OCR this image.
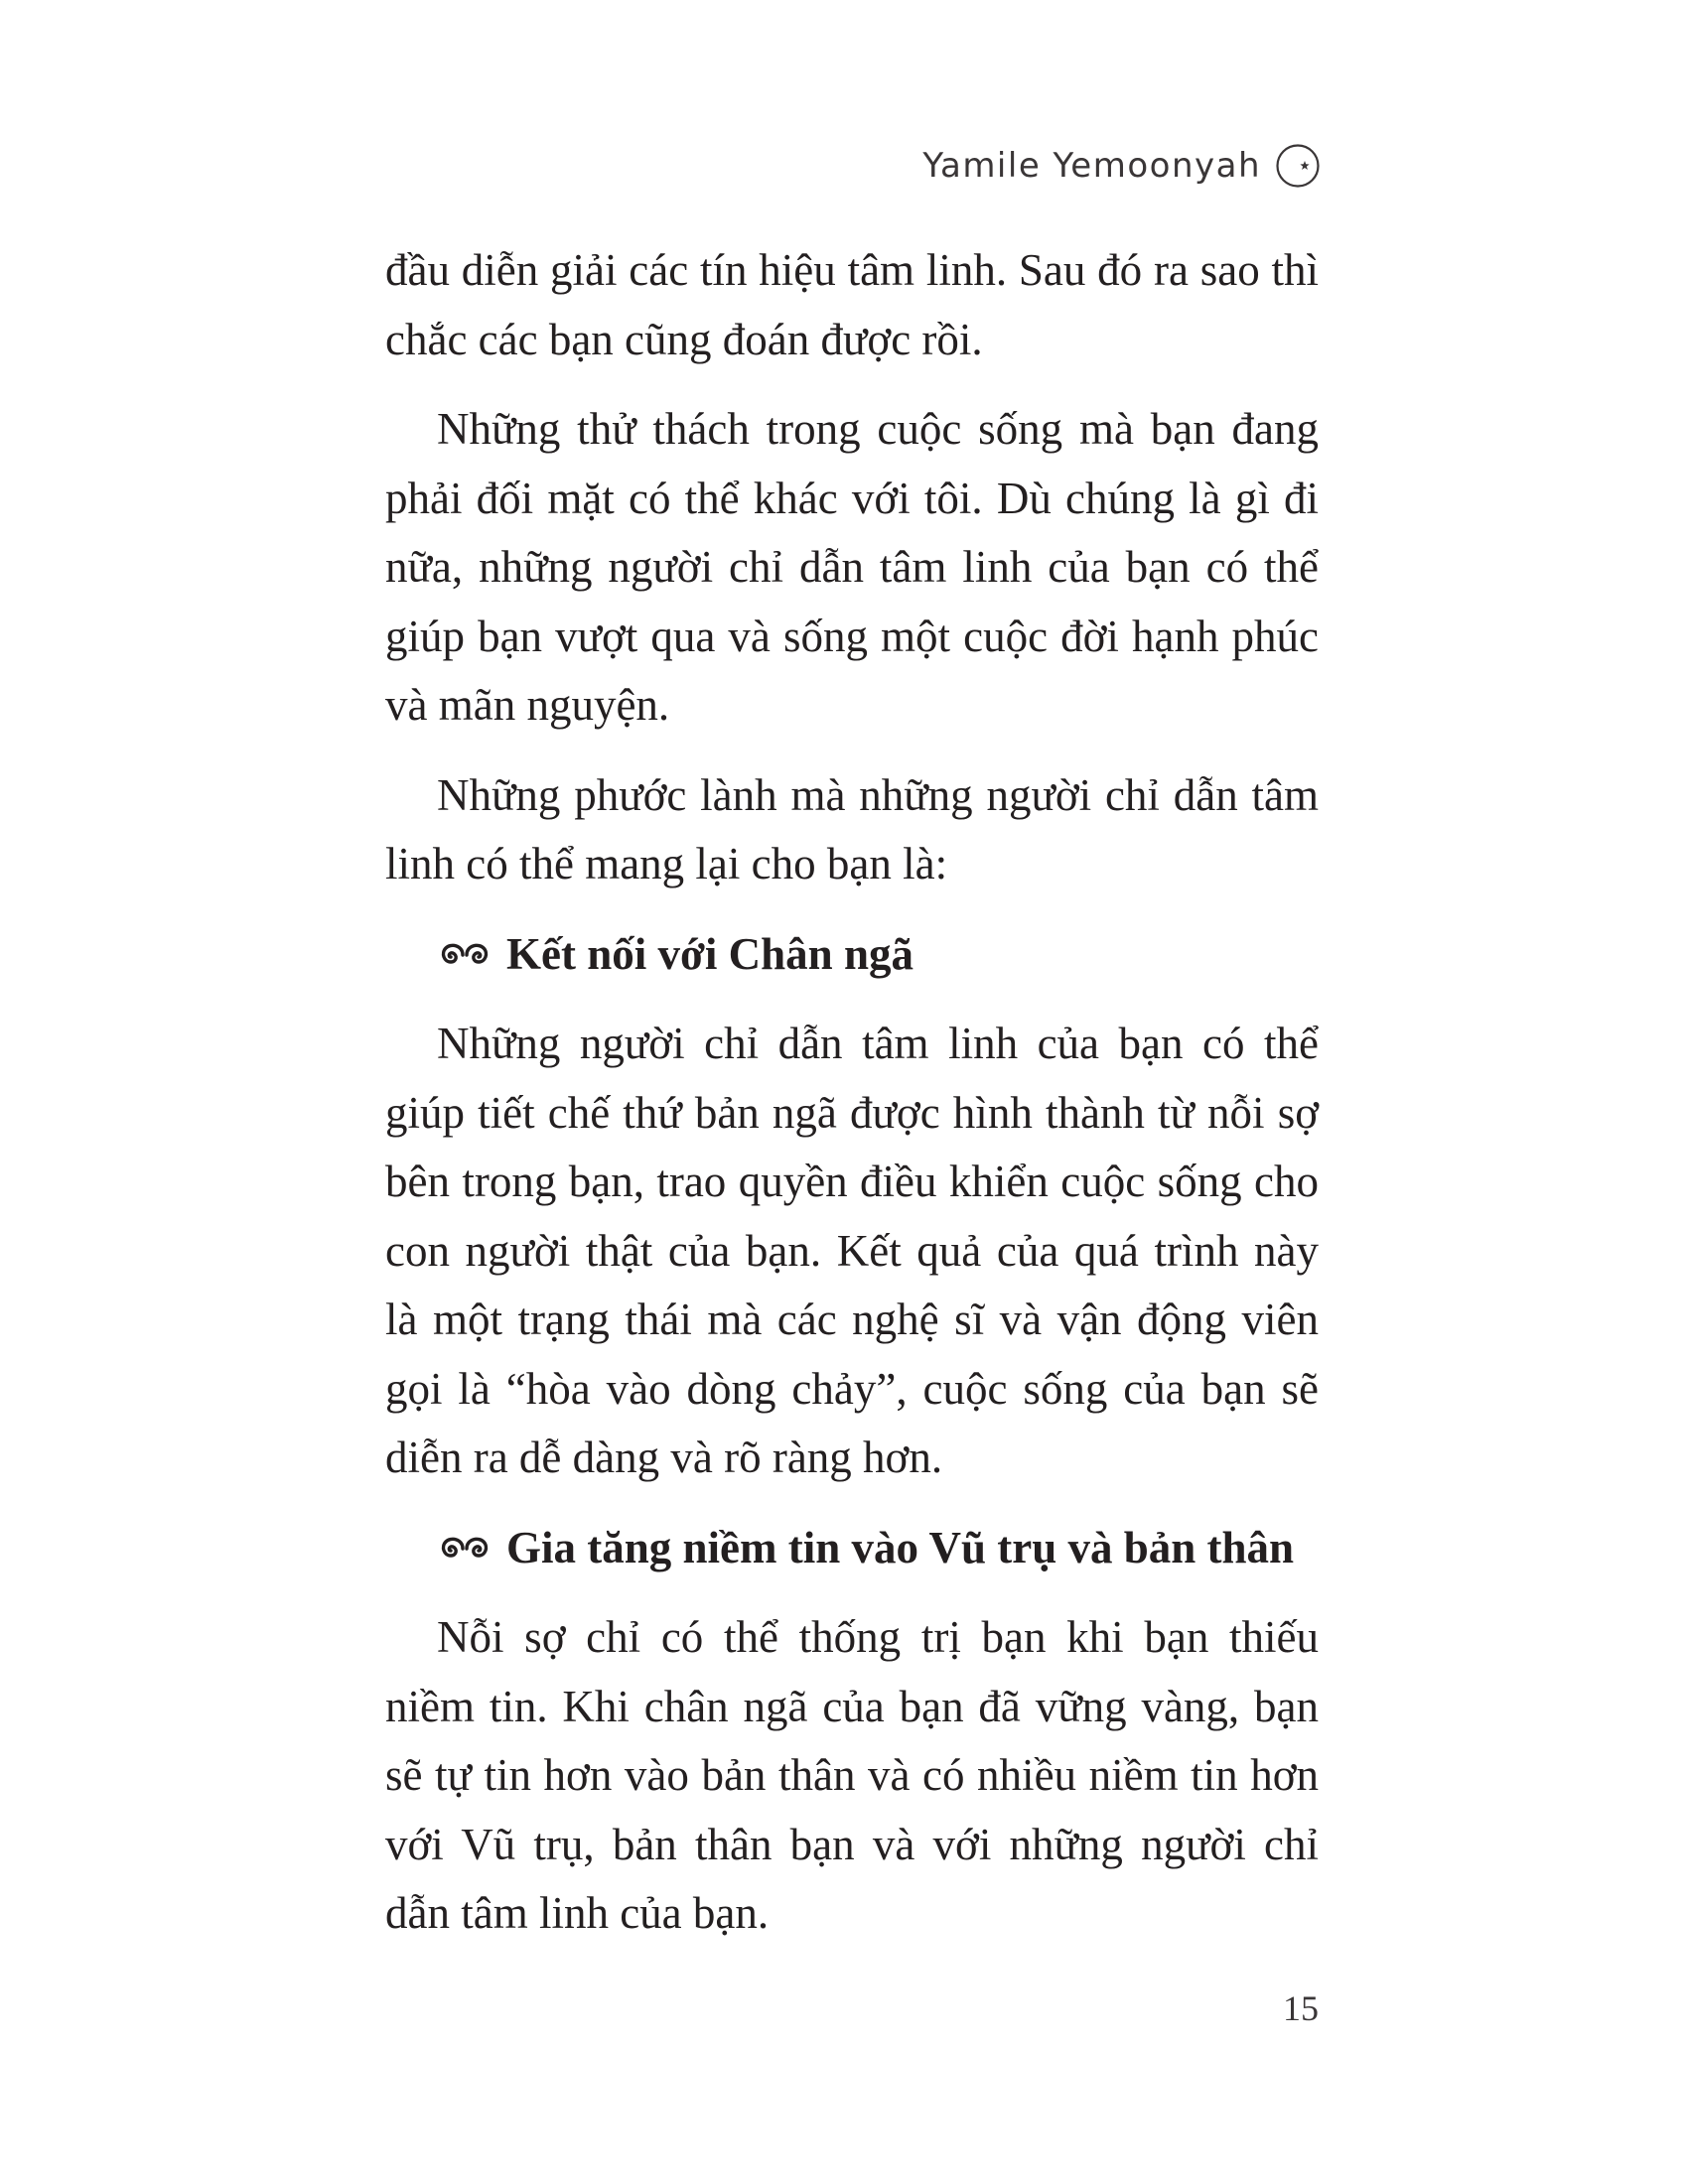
Yamile Yemoonyah

đầu diễn giải các tín hiệu tâm linh. Sau đó ra sao thì chắc các bạn cũng đoán được rồi.

Những thử thách trong cuộc sống mà bạn đang phải đối mặt có thể khác với tôi. Dù chúng là gì đi nữa, những người chỉ dẫn tâm linh của bạn có thể giúp bạn vượt qua và sống một cuộc đời hạnh phúc và mãn nguyện.

Những phước lành mà những người chỉ dẫn tâm linh có thể mang lại cho bạn là:

Kết nối với Chân ngã

Những người chỉ dẫn tâm linh của bạn có thể giúp tiết chế thứ bản ngã được hình thành từ nỗi sợ bên trong bạn, trao quyền điều khiển cuộc sống cho con người thật của bạn. Kết quả của quá trình này là một trạng thái mà các nghệ sĩ và vận động viên gọi là “hòa vào dòng chảy”, cuộc sống của bạn sẽ diễn ra dễ dàng và rõ ràng hơn.

Gia tăng niềm tin vào Vũ trụ và bản thân

Nỗi sợ chỉ có thể thống trị bạn khi bạn thiếu niềm tin. Khi chân ngã của bạn đã vững vàng, bạn sẽ tự tin hơn vào bản thân và có nhiều niềm tin hơn với Vũ trụ, bản thân bạn và với những người chỉ dẫn tâm linh của bạn.

15
